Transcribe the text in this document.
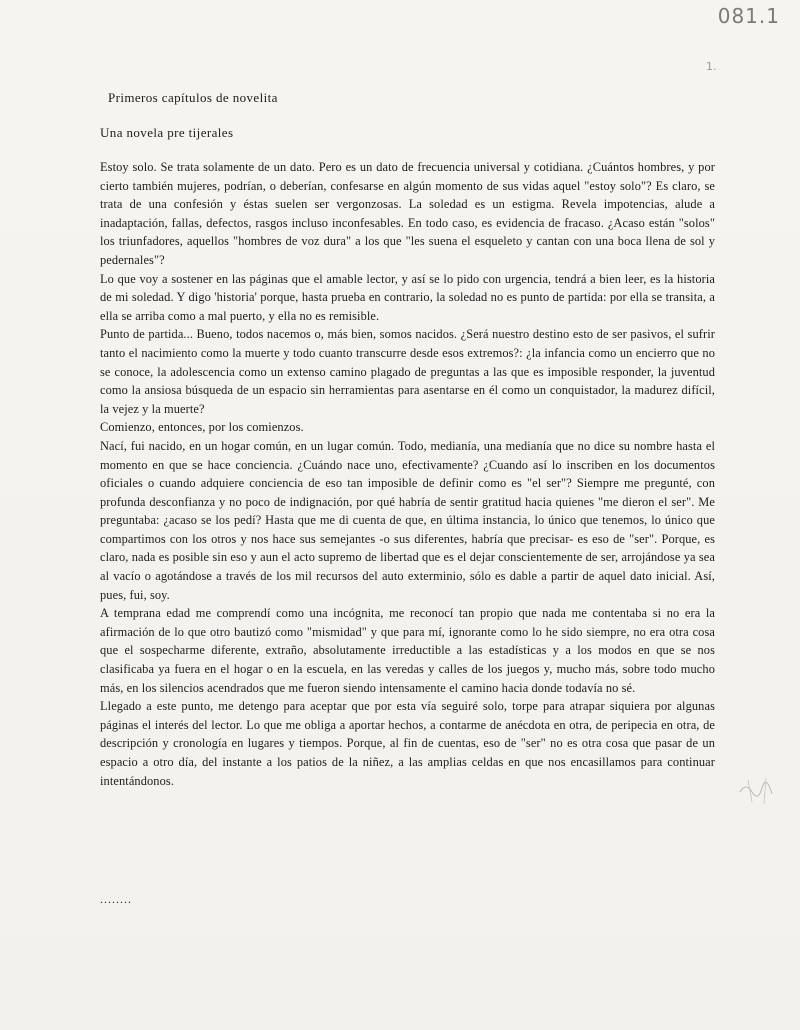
081.1
1.
Primeros capítulos de novelita
Una novela pre tijerales

Estoy solo. Se trata solamente de un dato. Pero es un dato de frecuencia universal y cotidiana. ¿Cuántos hombres, y por cierto también mujeres, podrían, o deberían, confesarse en algún momento de sus vidas aquel "estoy solo"? Es claro, se trata de una confesión y éstas suelen ser vergonzosas. La soledad es un estigma. Revela impotencias, alude a inadaptación, fallas, defectos, rasgos incluso inconfesables. En todo caso, es evidencia de fracaso. ¿Acaso están "solos" los triunfadores, aquellos "hombres de voz dura" a los que "les suena el esqueleto y cantan con una boca llena de sol y pedernales"?

Lo que voy a sostener en las páginas que el amable lector, y así se lo pido con urgencia, tendrá a bien leer, es la historia de mi soledad. Y digo 'historia' porque, hasta prueba en contrario, la soledad no es punto de partida: por ella se transita, a ella se arriba como a mal puerto, y ella no es remisible.

Punto de partida... Bueno, todos nacemos o, más bien, somos nacidos. ¿Será nuestro destino esto de ser pasivos, el sufrir tanto el nacimiento como la muerte y todo cuanto transcurre desde esos extremos?: ¿la infancia como un encierro que no se conoce, la adolescencia como un extenso camino plagado de preguntas a las que es imposible responder, la juventud como la ansiosa búsqueda de un espacio sin herramientas para asentarse en él como un conquistador, la madurez difícil, la vejez y la muerte?

Comienzo, entonces, por los comienzos.

Nací, fui nacido, en un hogar común, en un lugar común. Todo, medianía, una medianía que no dice su nombre hasta el momento en que se hace conciencia. ¿Cuándo nace uno, efectivamente? ¿Cuando así lo inscriben en los documentos oficiales o cuando adquiere conciencia de eso tan imposible de definir como es "el ser"? Siempre me pregunté, con profunda desconfianza y no poco de indignación, por qué habría de sentir gratitud hacia quienes "me dieron el ser". Me preguntaba: ¿acaso se los pedí? Hasta que me di cuenta de que, en última instancia, lo único que tenemos, lo único que compartimos con los otros y nos hace sus semejantes -o sus diferentes, habría que precisar- es eso de "ser". Porque, es claro, nada es posible sin eso y aun el acto supremo de libertad que es el dejar conscientemente de ser, arrojándose ya sea al vacío o agotándose a través de los mil recursos del auto exterminio, sólo es dable a partir de aquel dato inicial. Así, pues, fui, soy.

A temprana edad me comprendí como una incógnita, me reconocí tan propio que nada me contentaba si no era la afirmación de lo que otro bautizó como "mismidad" y que para mí, ignorante como lo he sido siempre, no era otra cosa que el sospecharme diferente, extraño, absolutamente irreductible a las estadísticas y a los modos en que se nos clasificaba ya fuera en el hogar o en la escuela, en las veredas y calles de los juegos y, mucho más, sobre todo mucho más, en los silencios acendrados que me fueron siendo intensamente el camino hacia donde todavía no sé.

Llegado a este punto, me detengo para aceptar que por esta vía seguiré solo, torpe para atrapar siquiera por algunas páginas el interés del lector. Lo que me obliga a aportar hechos, a contarme de anécdota en otra, de peripecia en otra, de descripción y cronología en lugares y tiempos. Porque, al fin de cuentas, eso de "ser" no es otra cosa que pasar de un espacio a otro día, del instante a los patios de la niñez, a las amplias celdas en que nos encasillamos para continuar intentándonos.

........
